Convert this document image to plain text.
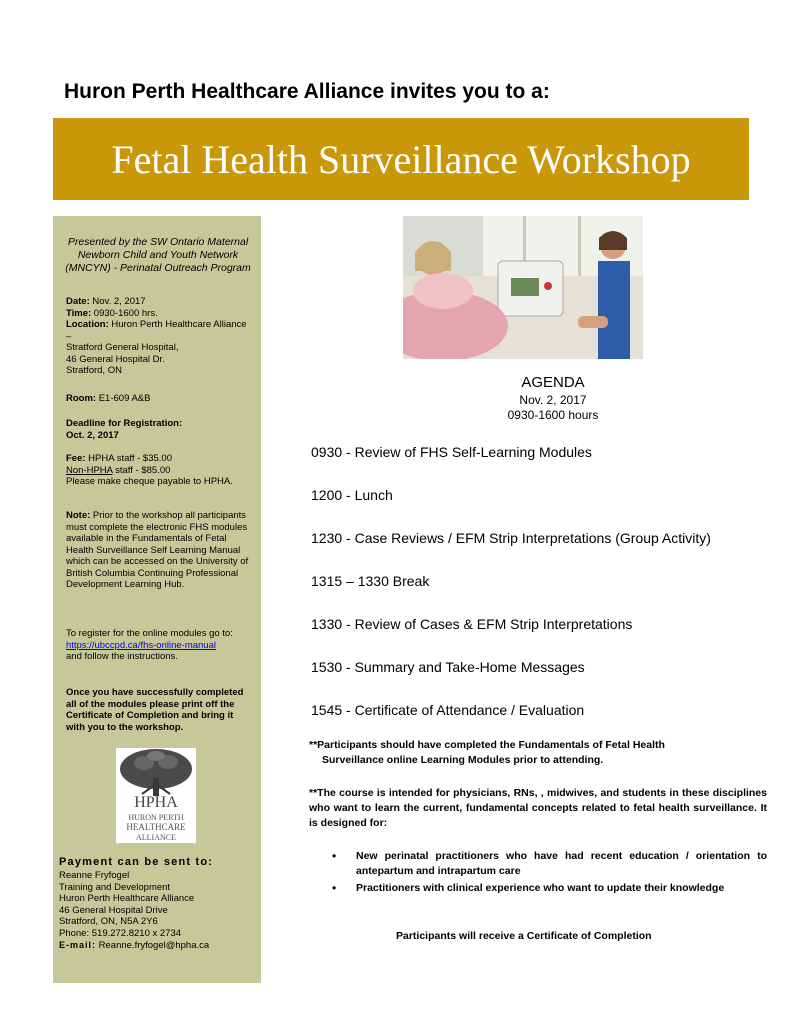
Huron Perth Healthcare Alliance invites you to a:
Fetal Health Surveillance Workshop
Presented by the SW Ontario Maternal Newborn Child and Youth Network (MNCYN) - Perinatal Outreach Program
Date: Nov. 2, 2017
Time: 0930-1600 hrs.
Location: Huron Perth Healthcare Alliance –
Stratford General Hospital,
46 General Hospital Dr.
Stratford, ON
Room: E1-609 A&B
Deadline for Registration:
Oct. 2, 2017
Fee: HPHA staff - $35.00
Non-HPHA staff - $85.00
Please make cheque payable to HPHA.
Note: Prior to the workshop all participants must complete the electronic FHS modules available in the Fundamentals of Fetal Health Surveillance Self Learning Manual which can be accessed on the University of British Columbia Continuing Professional Development Learning Hub.
To register for the online modules go to:
https://ubccpd.ca/fhs-online-manual
and follow the instructions.
Once you have successfully completed all of the modules please print off the Certificate of Completion and bring it with you to the workshop.
HPHA
HURON PERTH
HEALTHCARE
ALLIANCE
Payment can be sent to:
Reanne Fryfogel
Training and Development
Huron Perth Healthcare Alliance
46 General Hospital Drive
Stratford, ON, N5A 2Y6
Phone: 519.272.8210 x 2734
E-mail: Reanne.fryfogel@hpha.ca
AGENDA
Nov. 2, 2017
0930-1600 hours
0930 - Review of FHS Self-Learning Modules
1200 - Lunch
1230 - Case Reviews / EFM Strip Interpretations (Group Activity)
1315 – 1330 Break
1330 - Review of Cases & EFM Strip Interpretations
1530 - Summary and Take-Home Messages
1545 - Certificate of Attendance / Evaluation
**Participants should have completed the Fundamentals of Fetal Health
Surveillance online Learning Modules prior to attending.
**The course is intended for physicians, RNs, , midwives, and students in these disciplines who want to learn the current, fundamental concepts related to fetal health surveillance. It is designed for:
• New perinatal practitioners who have had recent education / orientation to antepartum and intrapartum care
• Practitioners with clinical experience who want to update their knowledge
Participants will receive a Certificate of Completion
